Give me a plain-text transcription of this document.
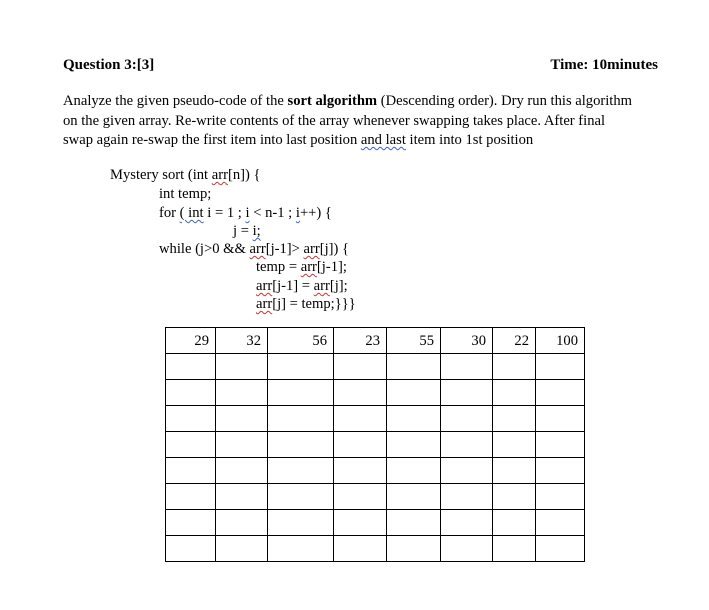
Question 3:[3]	Time: 10minutes
Analyze the given pseudo-code of the sort algorithm (Descending order). Dry run this algorithm
on the given array. Re-write contents of the array whenever swapping takes place. After final
swap again re-swap the first item into last position and last item into 1st position
Mystery sort (int arr[n]) {
int temp;
for ( int i = 1 ; i < n-1 ; i++) {
j = i;
while (j>0 && arr[j-1]> arr[j]) {
temp = arr[j-1];
arr[j-1] = arr[j];
arr[j] = temp;}}}
29	32	56	23	55	30	22	100
